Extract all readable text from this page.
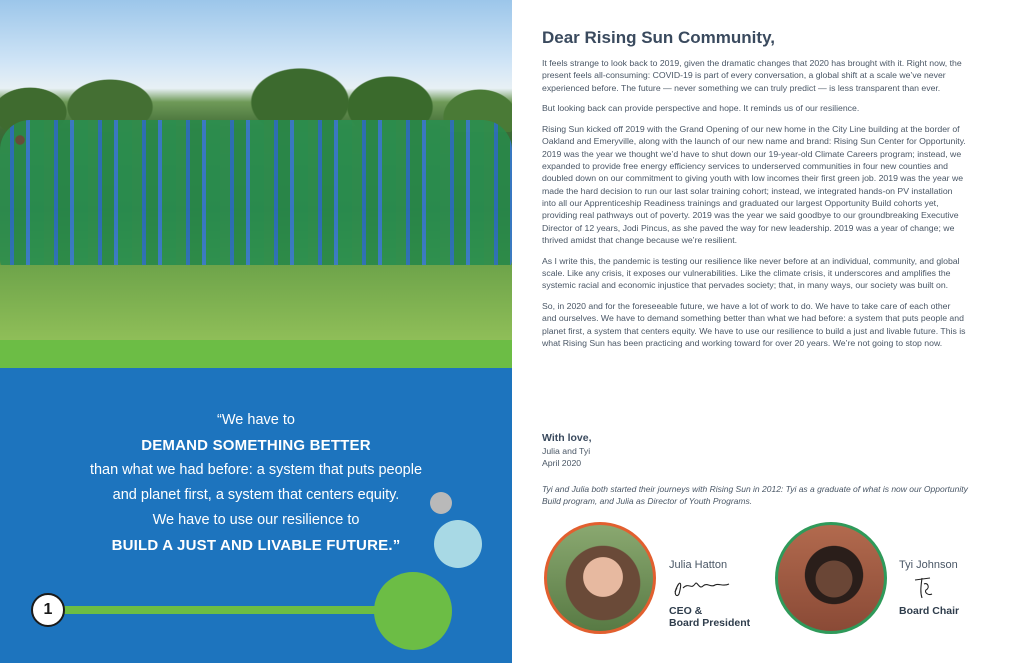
“We have to
DEMAND SOMETHING BETTER
than what we had before: a system that puts people
and planet first, a system that centers equity.
We have to use our resilience to
BUILD A JUST AND LIVABLE FUTURE.”
1
Dear Rising Sun Community,

It feels strange to look back to 2019, given the dramatic changes that 2020 has brought with it. Right now, the present feels all-consuming: COVID-19 is part of every conversation, a global shift at a scale we’ve never experienced before. The future — never something we can truly predict — is less transparent than ever.

But looking back can provide perspective and hope. It reminds us of our resilience.

Rising Sun kicked off 2019 with the Grand Opening of our new home in the City Line building at the border of Oakland and Emeryville, along with the launch of our new name and brand: Rising Sun Center for Opportunity. 2019 was the year we thought we’d have to shut down our 19-year-old Climate Careers program; instead, we expanded to provide free energy efficiency services to underserved communities in four new counties and doubled down on our commitment to giving youth with low incomes their first green job. 2019 was the year we made the hard decision to run our last solar training cohort; instead, we integrated hands-on PV installation into all our Apprenticeship Readiness trainings and graduated our largest Opportunity Build cohorts yet, providing real pathways out of poverty. 2019 was the year we said goodbye to our groundbreaking Executive Director of 12 years, Jodi Pincus, as she paved the way for new leadership. 2019 was a year of change; we thrived amidst that change because we’re resilient.

As I write this, the pandemic is testing our resilience like never before at an individual, community, and global scale. Like any crisis, it exposes our vulnerabilities. Like the climate crisis, it underscores and amplifies the systemic racial and economic injustice that pervades society; that, in many ways, our society was built on.

So, in 2020 and for the foreseeable future, we have a lot of work to do. We have to take care of each other and ourselves. We have to demand something better than what we had before: a system that puts people and planet first, a system that centers equity. We have to use our resilience to build a just and livable future. This is what Rising Sun has been practicing and working toward for over 20 years. We’re not going to stop now.

With love,
Julia and Tyi
April 2020
Tyi and Julia both started their journeys with Rising Sun in 2012: Tyi as a graduate of what is now our Opportunity Build program, and Julia as Director of Youth Programs.
Julia Hatton
CEO &
Board President
Tyi Johnson
Board Chair
